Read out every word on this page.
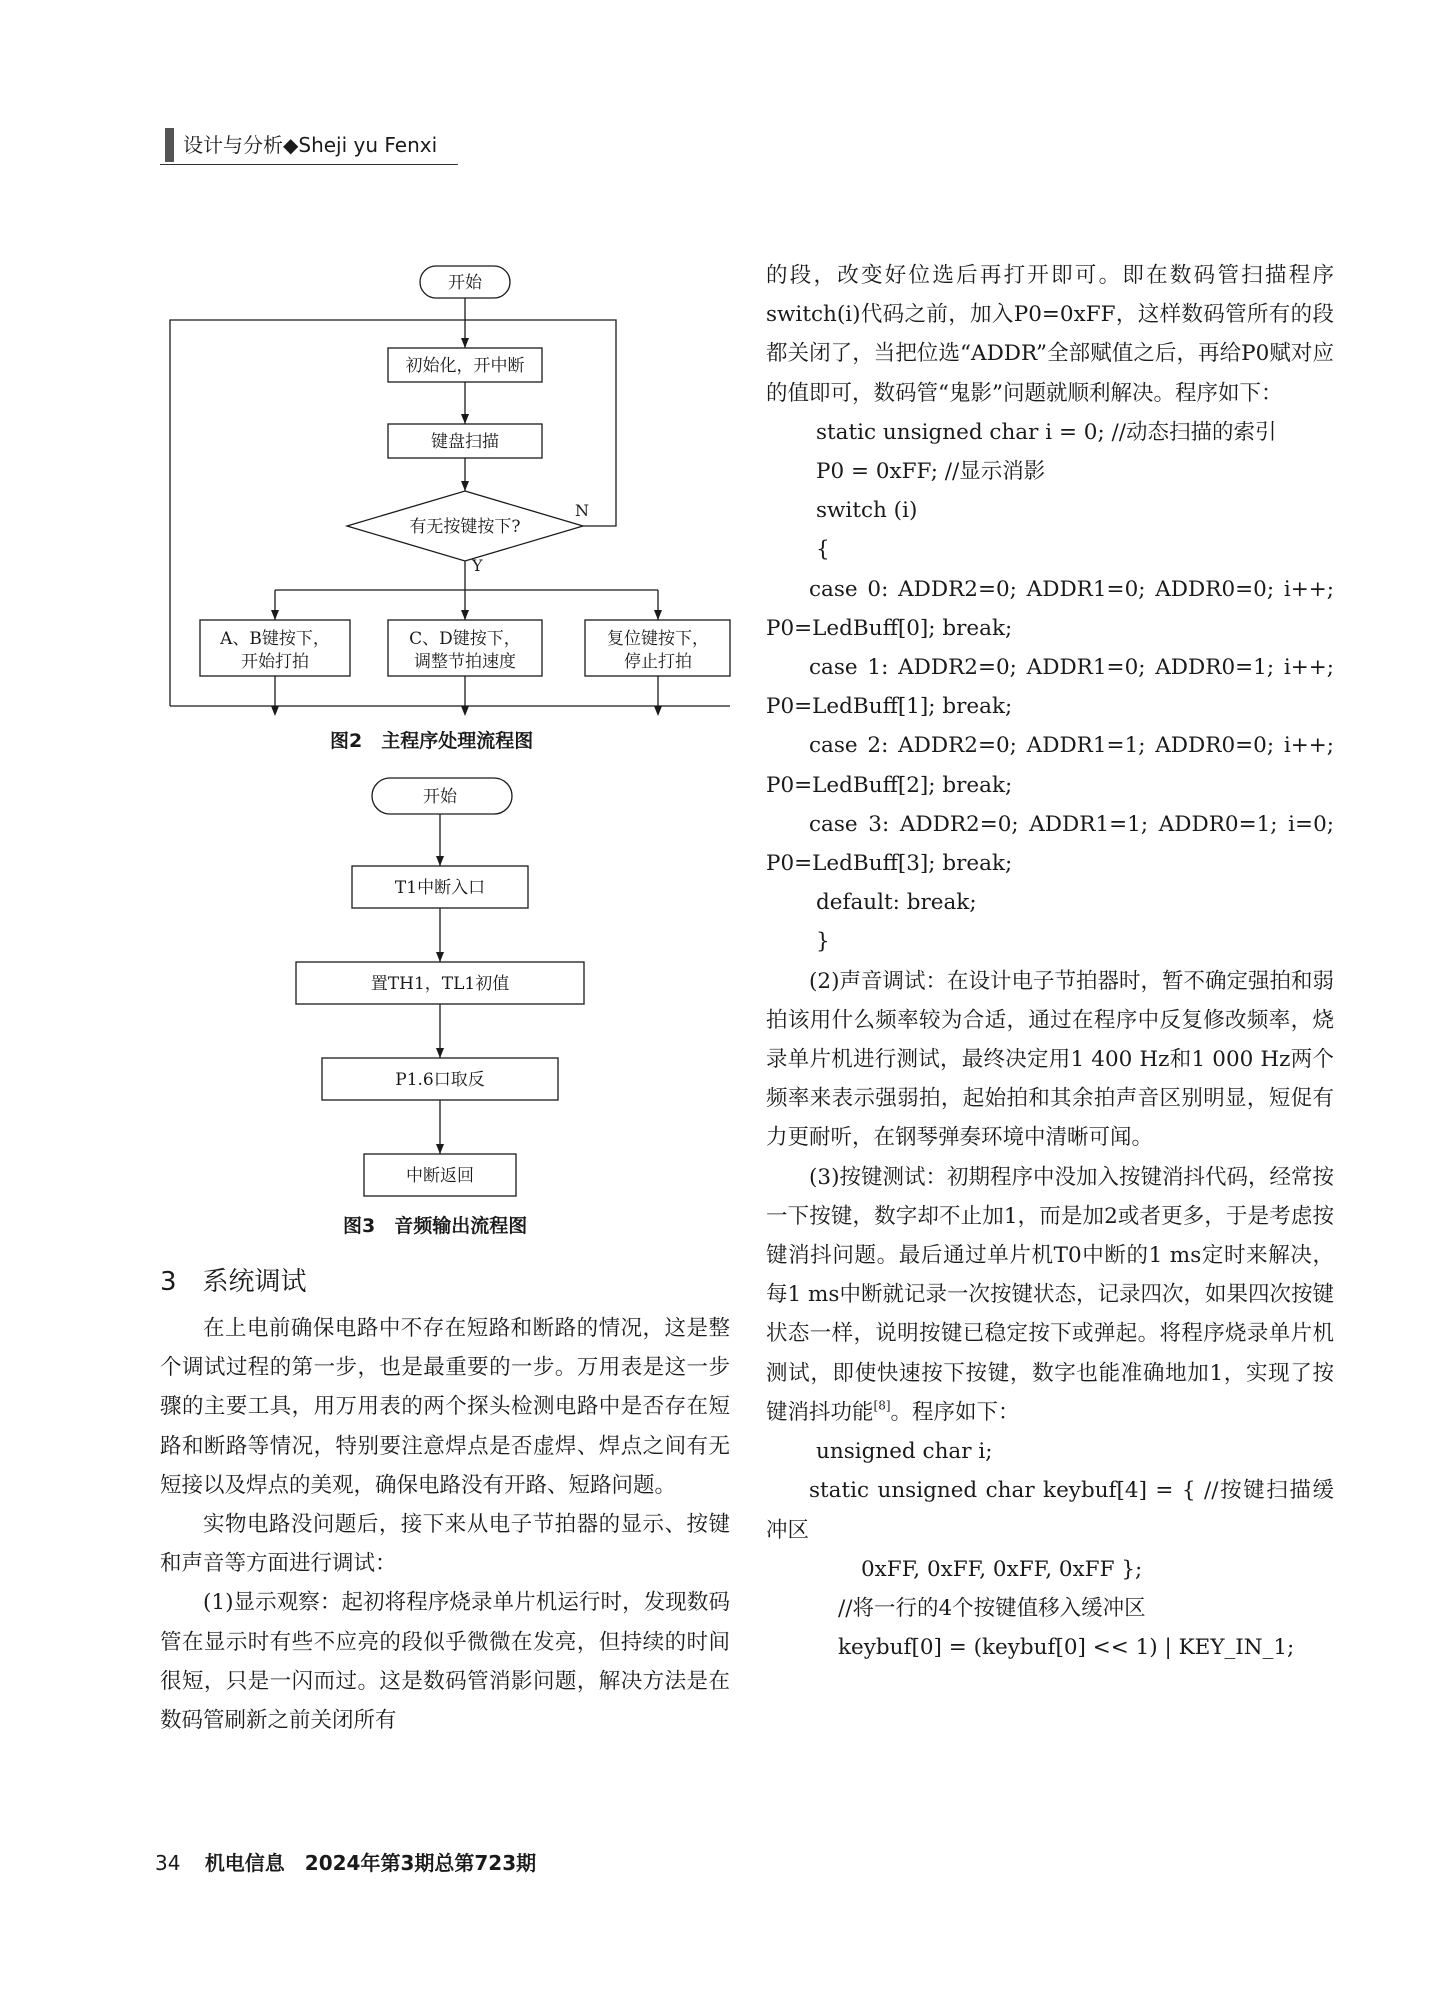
设计与分析◆Sheji yu Fenxi
开始
初始化，开中断
键盘扫描
有无按键按下?
N
Y
A、B键按下，
开始打拍
C、D键按下，
调整节拍速度
复位键按下，
停止打拍
图2　主程序处理流程图
开始
T1中断入口
置TH1，TL1初值
P1.6口取反
中断返回
图3　音频输出流程图
3　系统调试

在上电前确保电路中不存在短路和断路的情况，这是整个调试过程的第一步，也是最重要的一步。万用表是这一步骤的主要工具，用万用表的两个探头检测电路中是否存在短路和断路等情况，特别要注意焊点是否虚焊、焊点之间有无短接以及焊点的美观，确保电路没有开路、短路问题。

实物电路没问题后，接下来从电子节拍器的显示、按键和声音等方面进行调试：

(1)显示观察：起初将程序烧录单片机运行时，发现数码管在显示时有些不应亮的段似乎微微在发亮，但持续的时间很短，只是一闪而过。这是数码管消影问题，解决方法是在数码管刷新之前关闭所有

的段，改变好位选后再打开即可。即在数码管扫描程序switch(i)代码之前，加入P0=0xFF，这样数码管所有的段都关闭了，当把位选“ADDR”全部赋值之后，再给P0赋对应的值即可，数码管“鬼影”问题就顺利解决。程序如下：

static unsigned char i = 0; //动态扫描的索引

P0 = 0xFF; //显示消影

switch (i)

{

case 0: ADDR2=0; ADDR1=0; ADDR0=0; i++; P0=LedBuff[0]; break;

case 1: ADDR2=0; ADDR1=0; ADDR0=1; i++; P0=LedBuff[1]; break;

case 2: ADDR2=0; ADDR1=1; ADDR0=0; i++; P0=LedBuff[2]; break;

case 3: ADDR2=0; ADDR1=1; ADDR0=1; i=0; P0=LedBuff[3]; break;

default: break;

}

(2)声音调试：在设计电子节拍器时，暂不确定强拍和弱拍该用什么频率较为合适，通过在程序中反复修改频率，烧录单片机进行测试，最终决定用1 400 Hz和1 000 Hz两个频率来表示强弱拍，起始拍和其余拍声音区别明显，短促有力更耐听，在钢琴弹奏环境中清晰可闻。

(3)按键测试：初期程序中没加入按键消抖代码，经常按一下按键，数字却不止加1，而是加2或者更多，于是考虑按键消抖问题。最后通过单片机T0中断的1 ms定时来解决，每1 ms中断就记录一次按键状态，记录四次，如果四次按键状态一样，说明按键已稳定按下或弹起。将程序烧录单片机测试，即使快速按下按键，数字也能准确地加1，实现了按键消抖功能[8]。程序如下：

unsigned char i;

static unsigned char keybuf[4] = { //按键扫描缓冲区

0xFF, 0xFF, 0xFF, 0xFF };

//将一行的4个按键值移入缓冲区

keybuf[0] = (keybuf[0] << 1) | KEY_IN_1;

34 机电信息　2024年第3期总第723期
